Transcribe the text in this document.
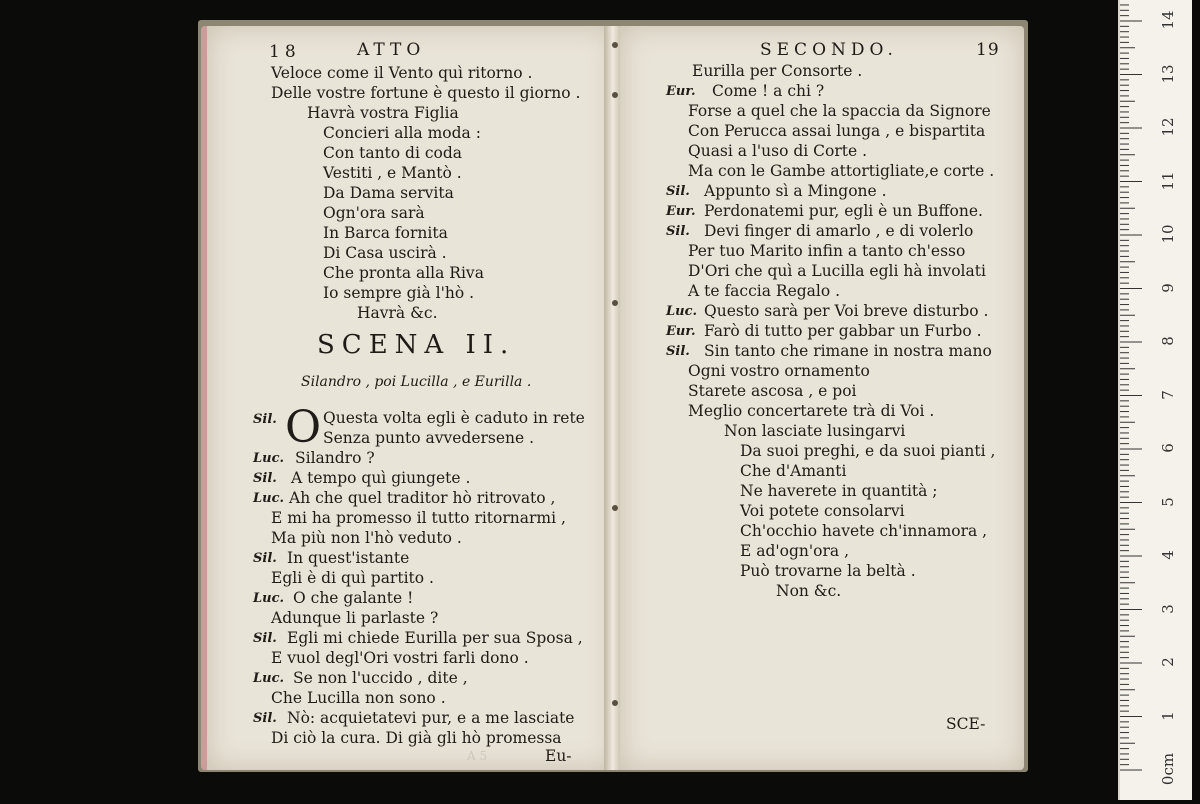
18	ATTO
Veloce come il Vento quì ritorno .
Delle vostre fortune è questo il giorno .
Havrà vostra Figlia
Concieri alla moda :
Con tanto di coda
Vestiti , e Mantò .
Da Dama servita
Ogn'ora sarà
In Barca fornita
Di Casa uscirà .
Che pronta alla Riva
Io sempre già l'hò .
Havrà &c.
SCENA II.
Silandro , poi Lucilla , e Eurilla .
Sil. O Questa volta egli è caduto in rete
Senza punto avvedersene .
Luc. Silandro ?
Sil. A tempo quì giungete .
Luc. Ah che quel traditor hò ritrovato ,
E mi ha promesso il tutto ritornarmi ,
Ma più non l'hò veduto .
Sil. In quest'istante
Egli è di quì partito .
Luc. O che galante !
Adunque li parlaste ?
Sil. Egli mi chiede Eurilla per sua Sposa ,
E vuol degl'Ori vostri farli dono .
Luc. Se non l'uccido , dite ,
Che Lucilla non sono .
Sil. Nò: acquietatevi pur, e a me lasciate
Di ciò la cura. Di già gli hò promessa
A 5	Eu-
SECONDO.	19
Eurilla per Consorte .
Eur. Come ! a chi ?
Forse a quel che la spaccia da Signore
Con Perucca assai lunga , e bispartita
Quasi a l'uso di Corte .
Ma con le Gambe attortigliate,e corte .
Sil. Appunto sì a Mingone .
Eur. Perdonatemi pur, egli è un Buffone.
Sil. Devi finger di amarlo , e di volerlo
Per tuo Marito infin a tanto ch'esso
D'Ori che quì a Lucilla egli hà involati
A te faccia Regalo .
Luc. Questo sarà per Voi breve disturbo .
Eur. Farò di tutto per gabbar un Furbo .
Sil. Sin tanto che rimane in nostra mano
Ogni vostro ornamento
Starete ascosa , e poi
Meglio concertarete trà di Voi .
Non lasciate lusingarvi
Da suoi preghi, e da suoi pianti ,
Che d'Amanti
Ne haverete in quantità ;
Voi potete consolarvi
Ch'occhio havete ch'innamora ,
E ad'ogn'ora ,
Può trovarne la beltà .
Non &c.
SCE-
0cm
1
2
3
4
5
6
7
8
9
10
11
12
13
14
